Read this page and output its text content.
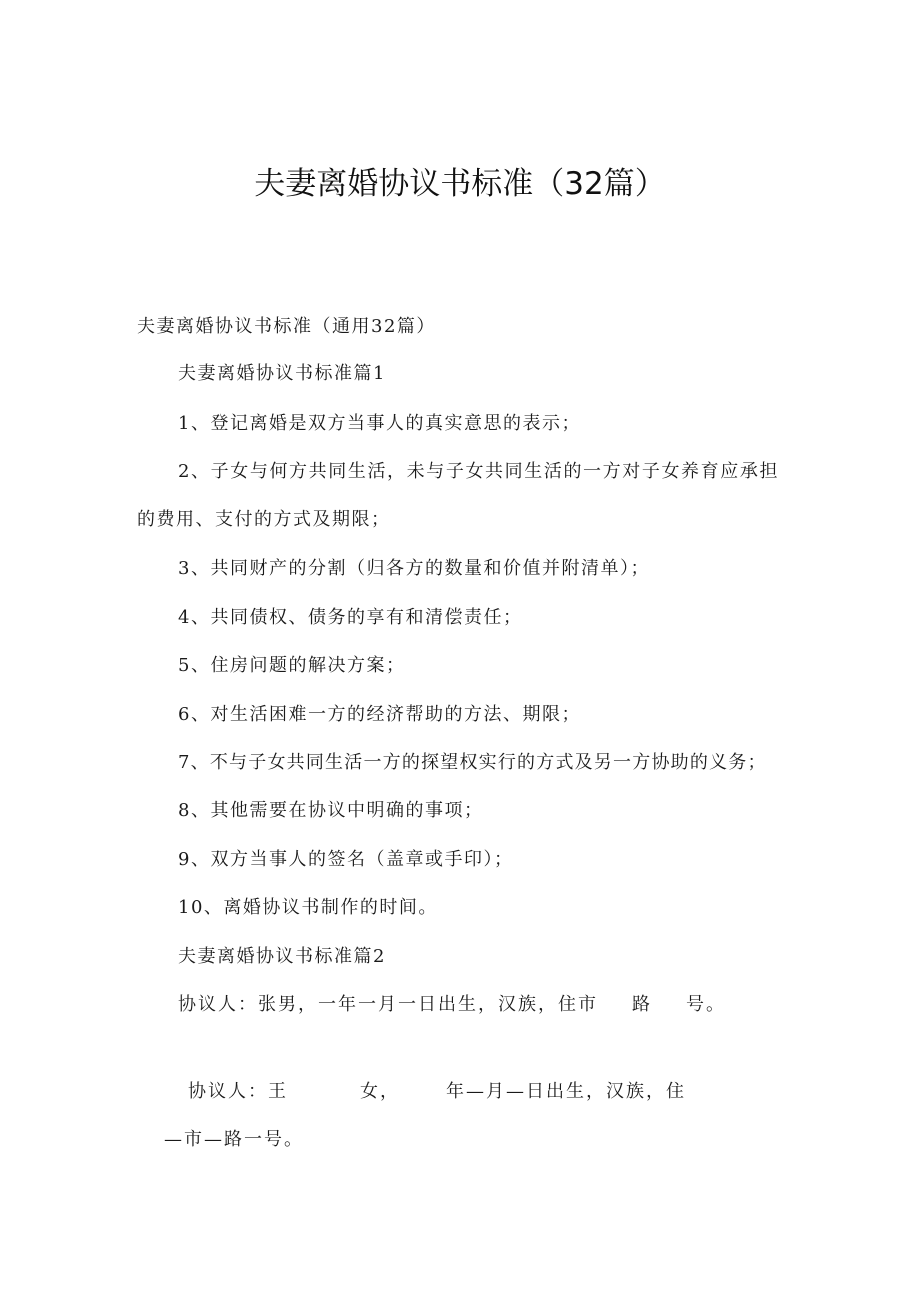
夫妻离婚协议书标准（32篇）

夫妻离婚协议书标准（通用32篇）

夫妻离婚协议书标准篇1

1、登记离婚是双方当事人的真实意思的表示；

2、子女与何方共同生活，未与子女共同生活的一方对子女养育应承担

的费用、支付的方式及期限；

3、共同财产的分割（归各方的数量和价值并附清单）；

4、共同债权、债务的享有和清偿责任；

5、住房问题的解决方案；

6、对生活困难一方的经济帮助的方法、期限；

7、不与子女共同生活一方的探望权实行的方式及另一方协助的义务；

8、其他需要在协议中明确的事项；

9、双方当事人的签名（盖章或手印）；

10、离婚协议书制作的时间。

夫妻离婚协议书标准篇2

协议人：张男，一年一月一日出生，汉族，住市 路 号。

协议人：王	女，	年—月—日出生，汉族，住

—市—路一号。
